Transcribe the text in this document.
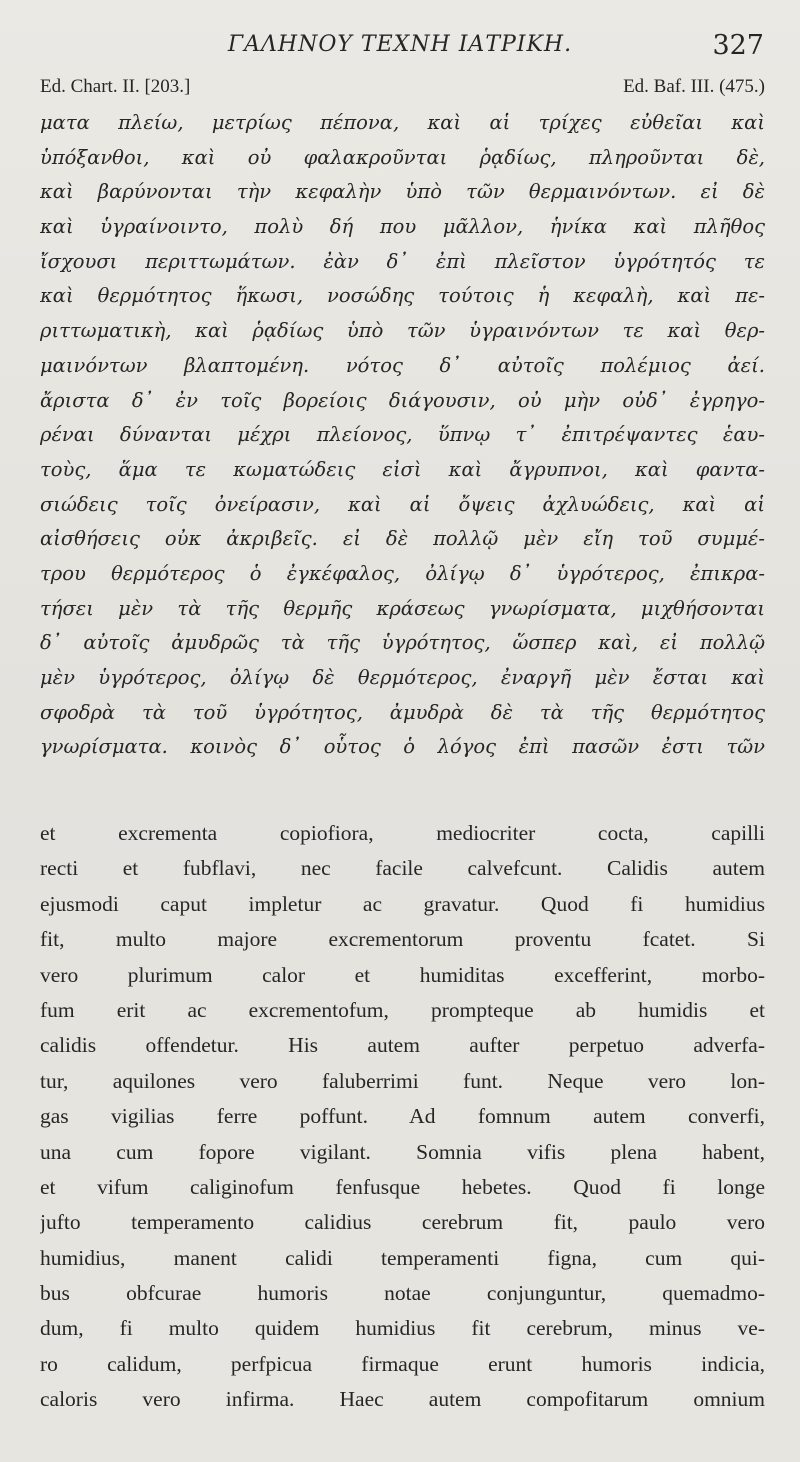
ΓΑΛΗΝΟΥ ΤΕΧΝΗ ΙΑΤΡΙΚΗ.	327
Ed. Chart. II. [203.]	Ed. Baf. III. (475.)
ματα πλείω, μετρίως πέπονα, καὶ αἱ τρίχες εὐθεῖαι καὶ
ὑπόξανθοι, καὶ οὐ φαλακροῦνται ῥᾳδίως, πληροῦνται δὲ,
καὶ βαρύνονται τὴν κεφαλὴν ὑπὸ τῶν θερμαινόντων. εἰ δὲ
καὶ ὑγραίνοιντο, πολὺ δή που μᾶλλον, ἡνίκα καὶ πλῆθος
ἴσχουσι περιττωμάτων. ἐὰν δ᾽ ἐπὶ πλεῖστον ὑγρότητός τε
καὶ θερμότητος ἥκωσι, νοσώδης τούτοις ἡ κεφαλὴ, καὶ πε-
ριττωματικὴ, καὶ ῥᾳδίως ὑπὸ τῶν ὑγραινόντων τε καὶ θερ-
μαινόντων βλαπτομένη. νότος δ᾽ αὐτοῖς πολέμιος ἀεί.
ἄριστα δ᾽ ἐν τοῖς βορείοις διάγουσιν, οὐ μὴν οὐδ᾽ ἐγρηγο-
ρέναι δύνανται μέχρι πλείονος, ὕπνῳ τ᾽ ἐπιτρέψαντες ἑαυ-
τοὺς, ἅμα τε κωματώδεις εἰσὶ καὶ ἄγρυπνοι, καὶ φαντα-
σιώδεις τοῖς ὀνείρασιν, καὶ αἱ ὄψεις ἀχλυώδεις, καὶ αἱ
αἰσθήσεις οὐκ ἀκριβεῖς. εἰ δὲ πολλῷ μὲν εἴη τοῦ συμμέ-
τρου θερμότερος ὁ ἐγκέφαλος, ὀλίγῳ δ᾽ ὑγρότερος, ἐπικρα-
τήσει μὲν τὰ τῆς θερμῆς κράσεως γνωρίσματα, μιχθήσονται
δ᾽ αὐτοῖς ἀμυδρῶς τὰ τῆς ὑγρότητος, ὥσπερ καὶ, εἰ πολλῷ
μὲν ὑγρότερος, ὀλίγῳ δὲ θερμότερος, ἐναργῆ μὲν ἔσται καὶ
σφοδρὰ τὰ τοῦ ὑγρότητος, ἀμυδρὰ δὲ τὰ τῆς θερμότητος
γνωρίσματα. κοινὸς δ᾽ οὗτος ὁ λόγος ἐπὶ πασῶν ἐστι τῶν
et excrementa copiofiora, mediocriter cocta, capilli
recti et fubflavi, nec facile calvefcunt. Calidis autem
ejusmodi caput impletur ac gravatur. Quod fi humidius
fit, multo majore excrementorum proventu fcatet. Si
vero plurimum calor et humiditas excefferint, morbo-
fum erit ac excrementofum, prompteque ab humidis et
calidis offendetur. His autem aufter perpetuo adverfa-
tur, aquilones vero faluberrimi funt. Neque vero lon-
gas vigilias ferre poffunt. Ad fomnum autem converfi,
una cum fopore vigilant. Somnia vifis plena habent,
et vifum caliginofum fenfusque hebetes. Quod fi longe
jufto temperamento calidius cerebrum fit, paulo vero
humidius, manent calidi temperamenti figna, cum qui-
bus obfcurae humoris notae conjunguntur, quemadmo-
dum, fi multo quidem humidius fit cerebrum, minus ve-
ro calidum, perfpicua firmaque erunt humoris indicia,
caloris vero infirma. Haec autem compofitarum omnium
